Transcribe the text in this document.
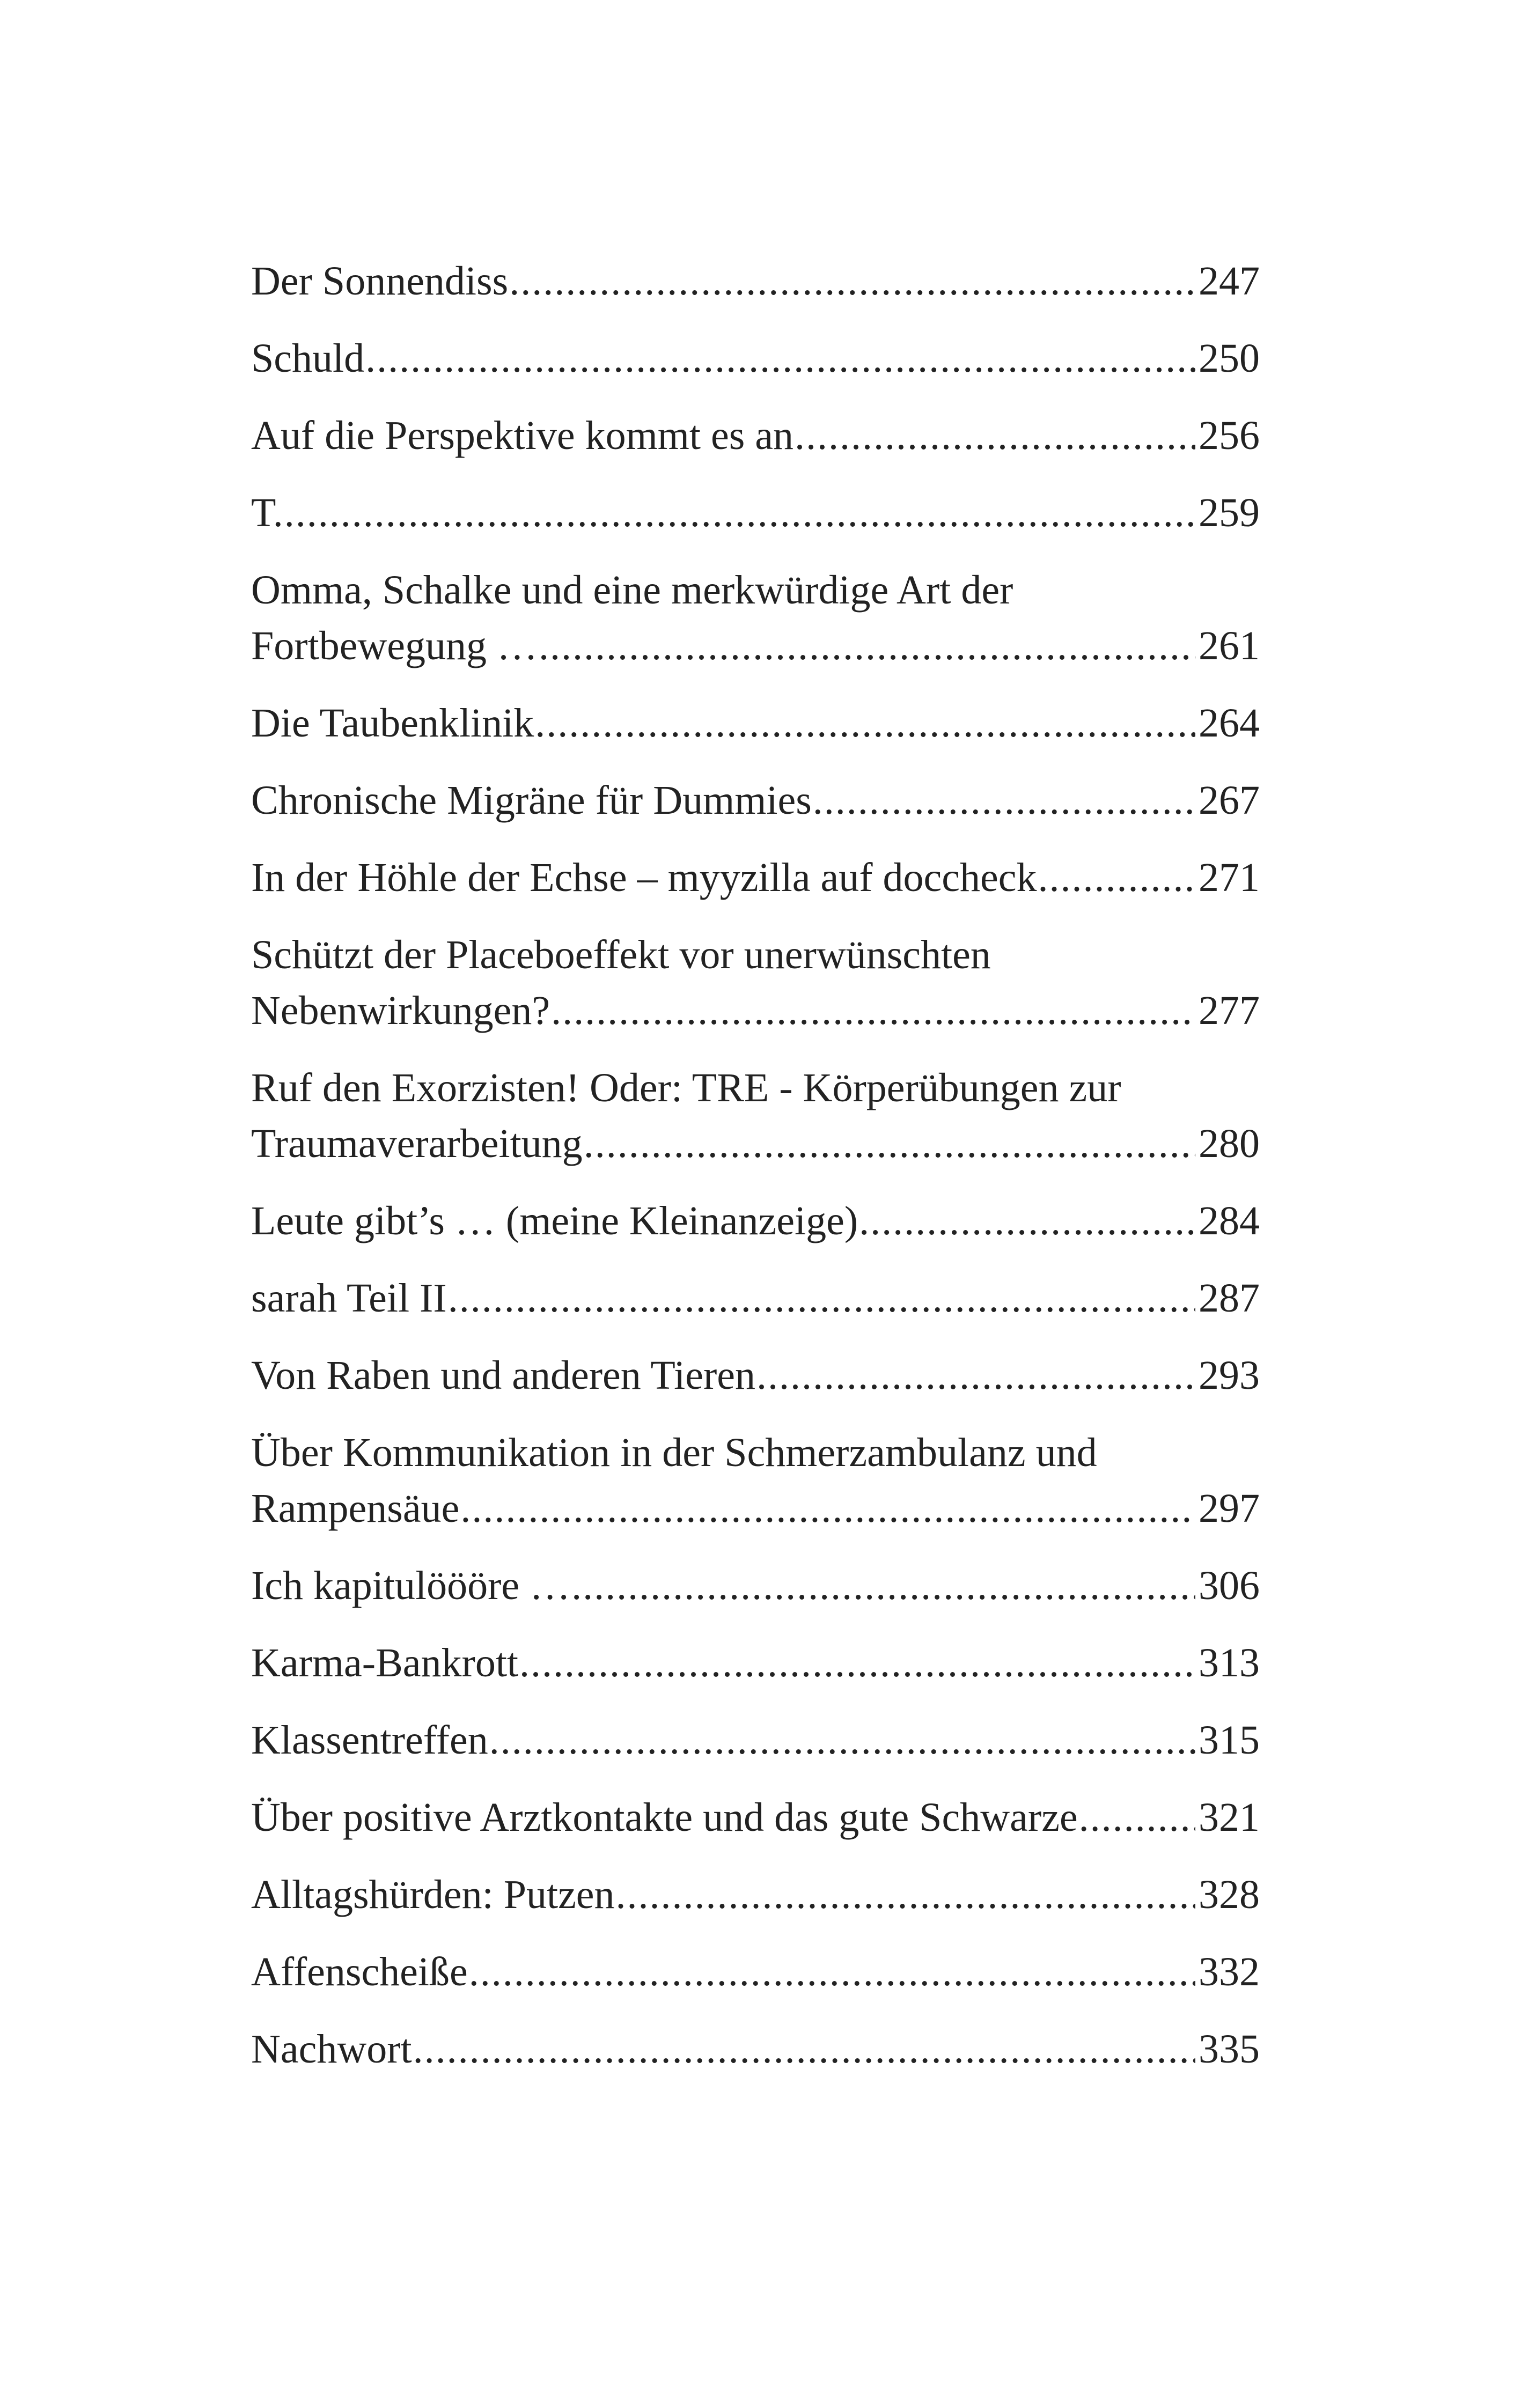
Der Sonnendiss .....	247
Schuld .....	250
Auf die Perspektive kommt es an .....	256
T. .....	259
Omma, Schalke und eine merkwürdige Art der
Fortbewegung … .....	261
Die Taubenklinik .....	264
Chronische Migräne für Dummies .....	267
In der Höhle der Echse – myyzilla auf doccheck .....	271
Schützt der Placeboeffekt vor unerwünschten
Nebenwirkungen? .....	277
Ruf den Exorzisten! Oder: TRE - Körperübungen zur
Traumaverarbeitung .....	280
Leute gibt’s … (meine Kleinanzeige) .....	284
sarah Teil II .....	287
Von Raben und anderen Tieren .....	293
Über Kommunikation in der Schmerzambulanz und
Rampensäue .....	297
Ich kapitulöööre … .....	306
Karma-Bankrott .....	313
Klassentreffen .....	315
Über positive Arztkontakte und das gute Schwarze .....	321
Alltagshürden: Putzen .....	328
Affenscheiße .....	332
Nachwort .....	335
